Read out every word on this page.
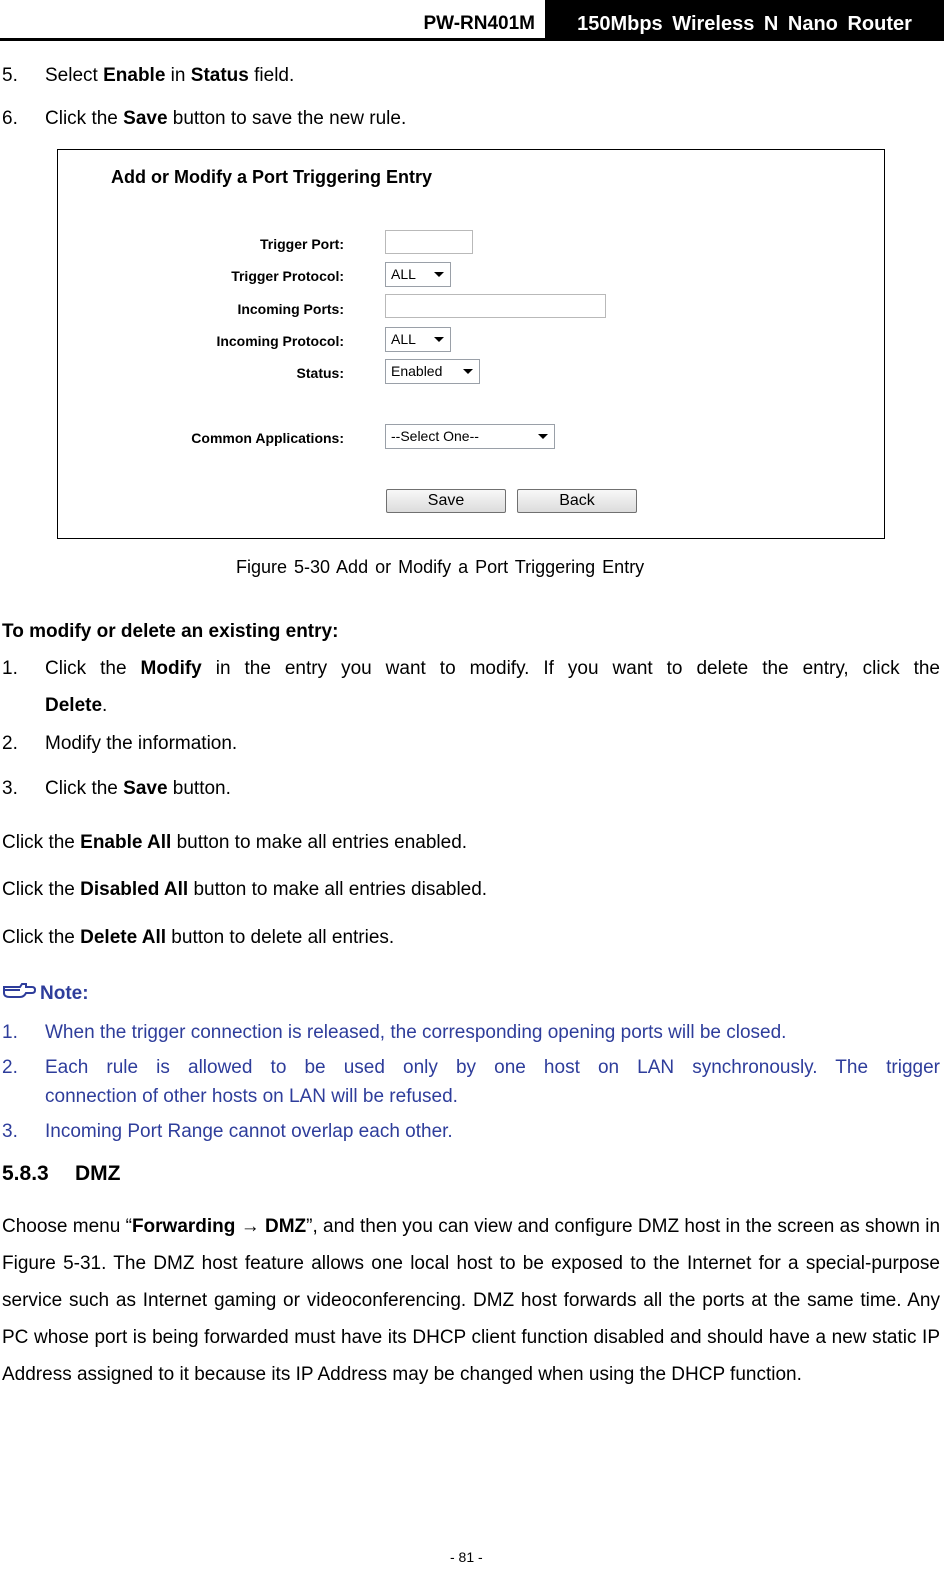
PW-RN401M	150Mbps Wireless N Nano Router
5. Select Enable in Status field.
6. Click the Save button to save the new rule.
Add or Modify a Port Triggering Entry
Trigger Port:
Trigger Protocol:	ALL
Incoming Ports:
Incoming Protocol:	ALL
Status:	Enabled
Common Applications:	--Select One--
Save	Back
Figure 5-30 Add or Modify a Port Triggering Entry
To modify or delete an existing entry:
1. Click the Modify in the entry you want to modify. If you want to delete the entry, click the
Delete.
2. Modify the information.
3. Click the Save button.
Click the Enable All button to make all entries enabled.
Click the Disabled All button to make all entries disabled.
Click the Delete All button to delete all entries.
Note:
1. When the trigger connection is released, the corresponding opening ports will be closed.
2. Each rule is allowed to be used only by one host on LAN synchronously. The trigger
connection of other hosts on LAN will be refused.
3. Incoming Port Range cannot overlap each other.
5.8.3 DMZ
Choose menu “Forwarding → DMZ”, and then you can view and configure DMZ host in the screen as shown in Figure 5-31. The DMZ host feature allows one local host to be exposed to the Internet for a special-purpose service such as Internet gaming or videoconferencing. DMZ host forwards all the ports at the same time. Any PC whose port is being forwarded must have its DHCP client function disabled and should have a new static IP Address assigned to it because its IP Address may be changed when using the DHCP function.
- 81 -
